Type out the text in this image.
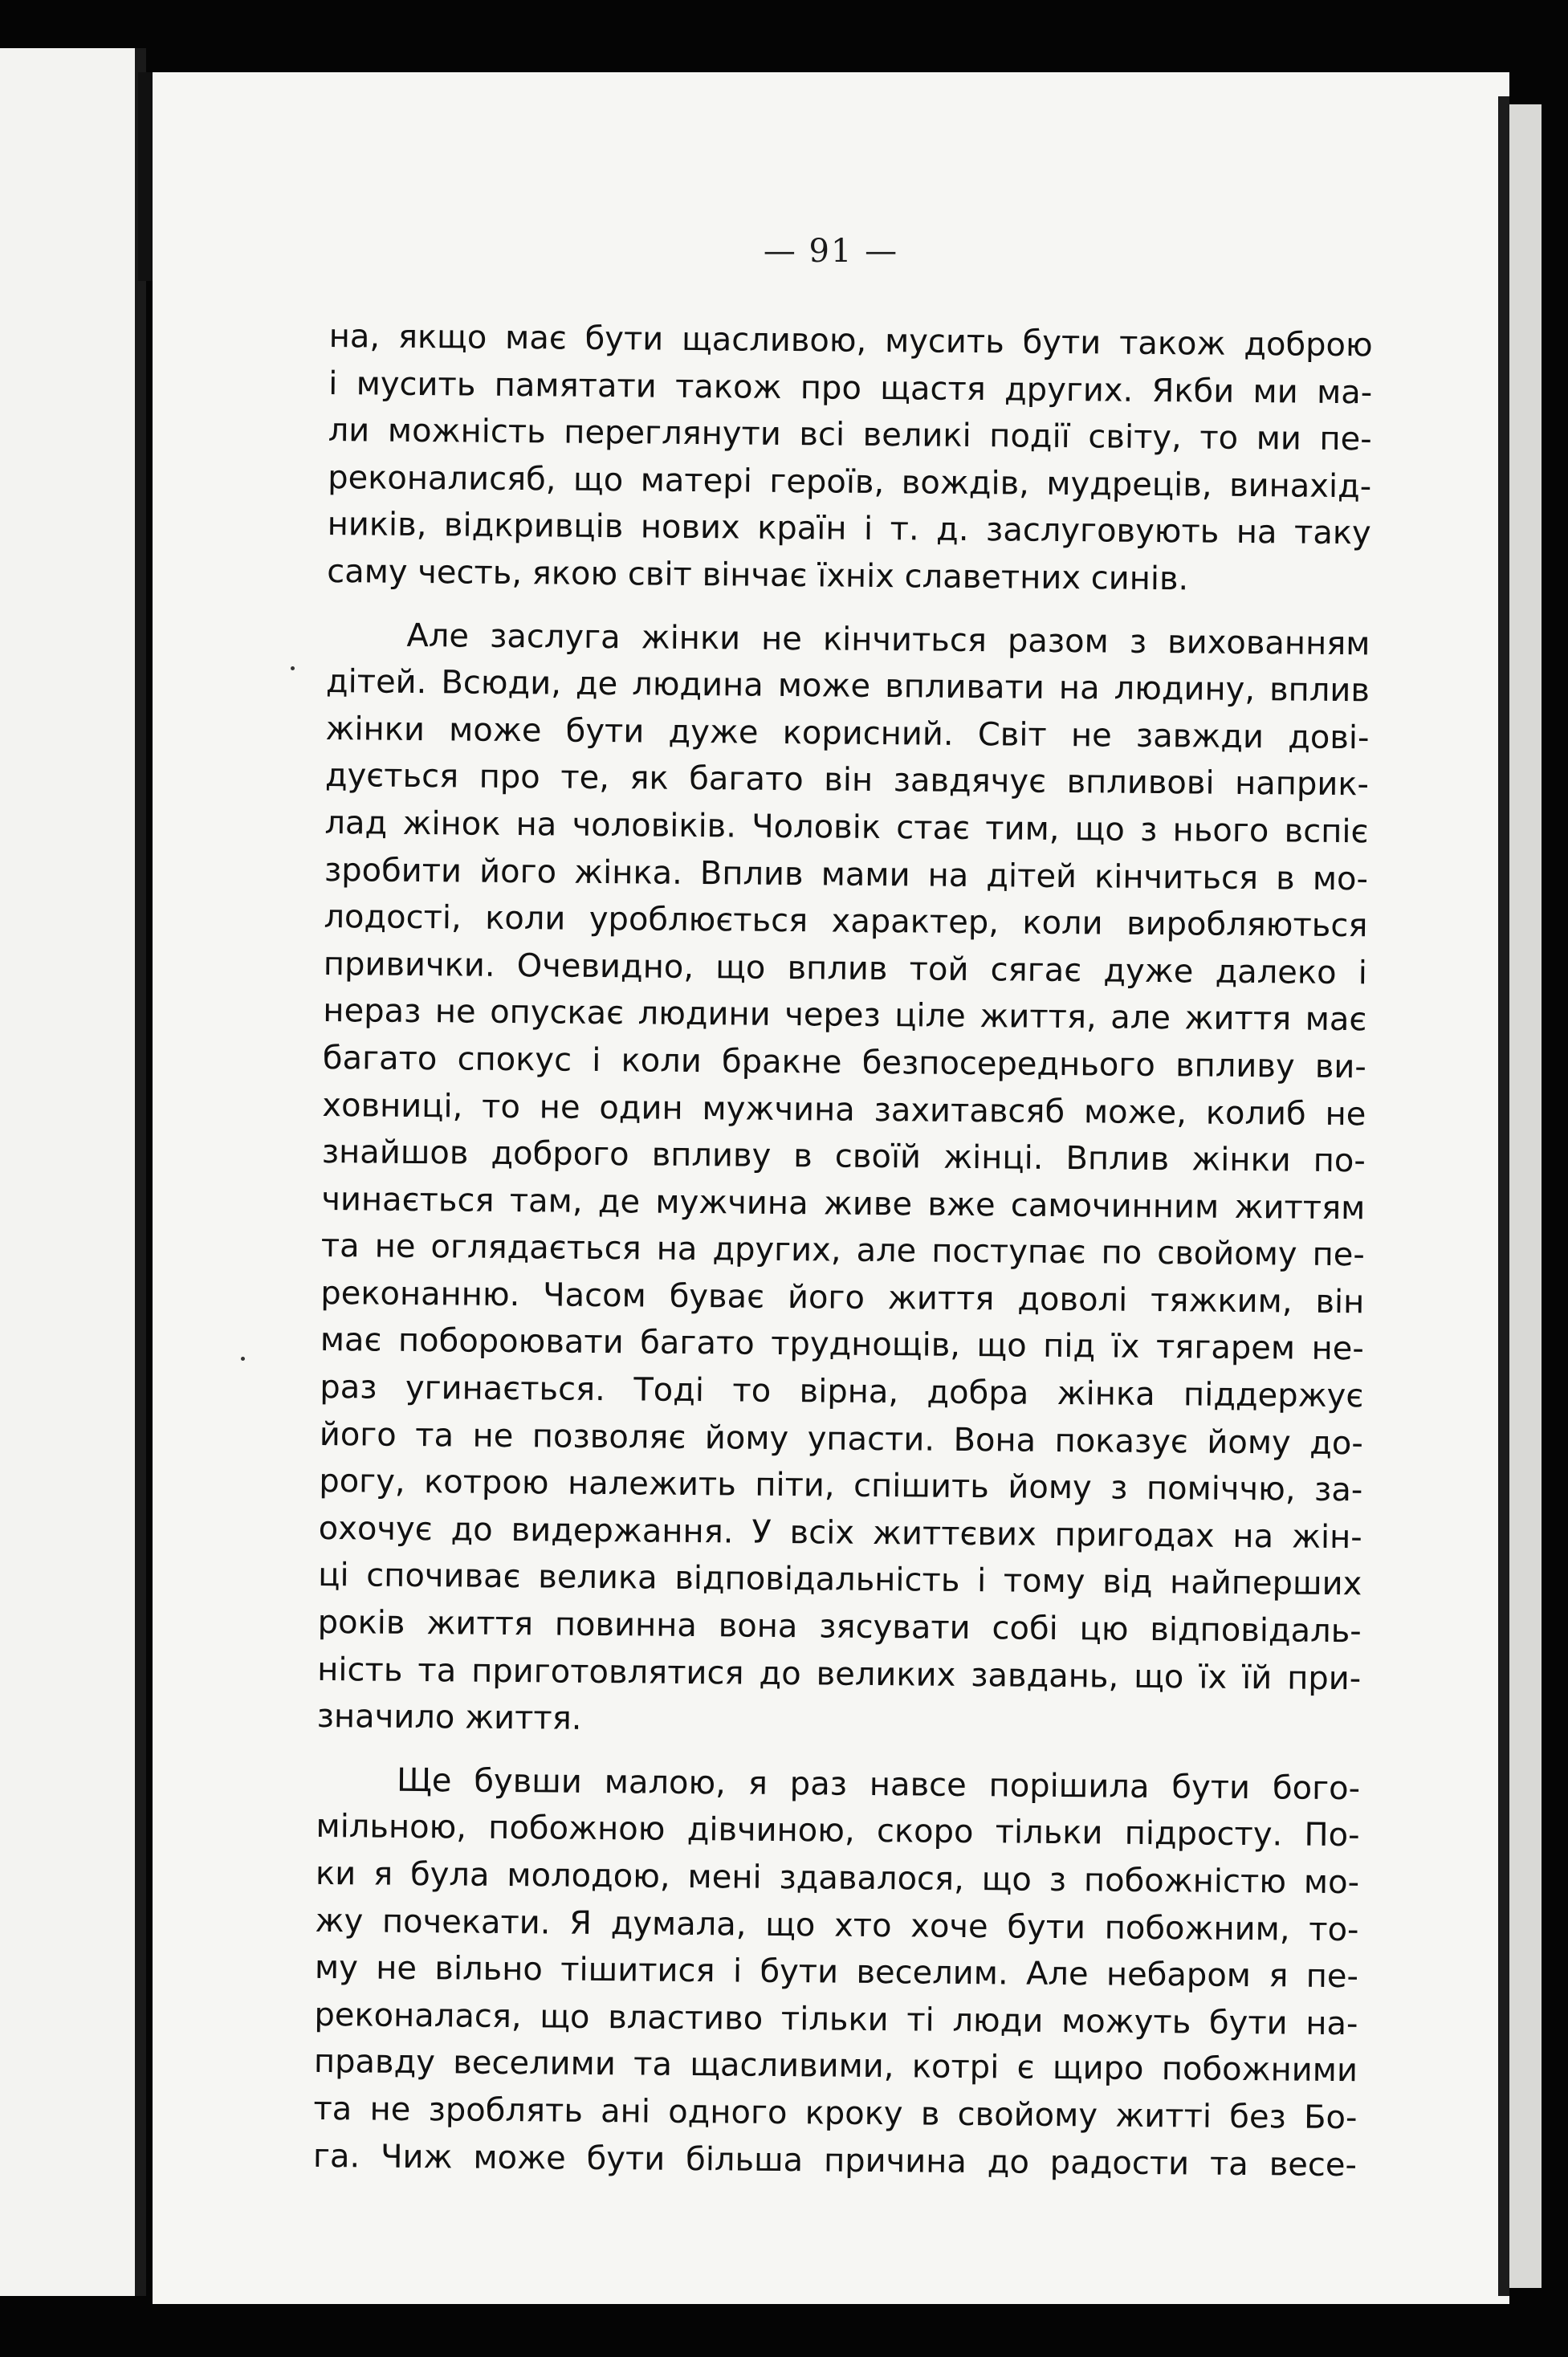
— 91 —
на, якщо має бути щасливою, мусить бути також доброю
і мусить памятати також про щастя других. Якби ми ма-
ли можність переглянути всі великі події світу, то ми пе-
реконалисяб, що матері героїв, вождів, мудреців, винахід-
ників, відкривців нових країн і т. д. заслуговують на таку
саму честь, якою світ вінчає їхніх славетних синів.
Але заслуга жінки не кінчиться разом з вихованням
дітей. Всюди, де людина може впливати на людину, вплив
жінки може бути дуже корисний. Світ не завжди дові-
дується про те, як багато він завдячує впливові наприк-
лад жінок на чоловіків. Чоловік стає тим, що з нього вспіє
зробити його жінка. Вплив мами на дітей кінчиться в мо-
лодості, коли уроблюється характер, коли виробляються
привички. Очевидно, що вплив той сягає дуже далеко і
нераз не опускає людини через ціле життя, але життя має
багато спокус і коли бракне безпосереднього впливу ви-
ховниці, то не один мужчина захитавсяб може, колиб не
знайшов доброго впливу в своїй жінці. Вплив жінки по-
чинається там, де мужчина живе вже самочинним життям
та не оглядається на других, але поступає по свойому пе-
реконанню. Часом буває його життя доволі тяжким, він
має побороювати багато труднощів, що під їх тягарем не-
раз угинається. Тоді то вірна, добра жінка піддержує
його та не позволяє йому упасти. Вона показує йому до-
рогу, котрою належить піти, спішить йому з поміччю, за-
охочує до видержання. У всіх життєвих пригодах на жін-
ці спочиває велика відповідальність і тому від найперших
років життя повинна вона зясувати собі цю відповідаль-
ність та приготовлятися до великих завдань, що їх їй при-
значило життя.
Ще бувши малою, я раз навсе порішила бути бого-
мільною, побожною дівчиною, скоро тільки підросту. По-
ки я була молодою, мені здавалося, що з побожністю мо-
жу почекати. Я думала, що хто хоче бути побожним, то-
му не вільно тішитися і бути веселим. Але небаром я пе-
реконалася, що властиво тільки ті люди можуть бути на-
правду веселими та щасливими, котрі є щиро побожними
та не зроблять ані одного кроку в свойому житті без Бо-
га. Чиж може бути більша причина до радости та весе-
